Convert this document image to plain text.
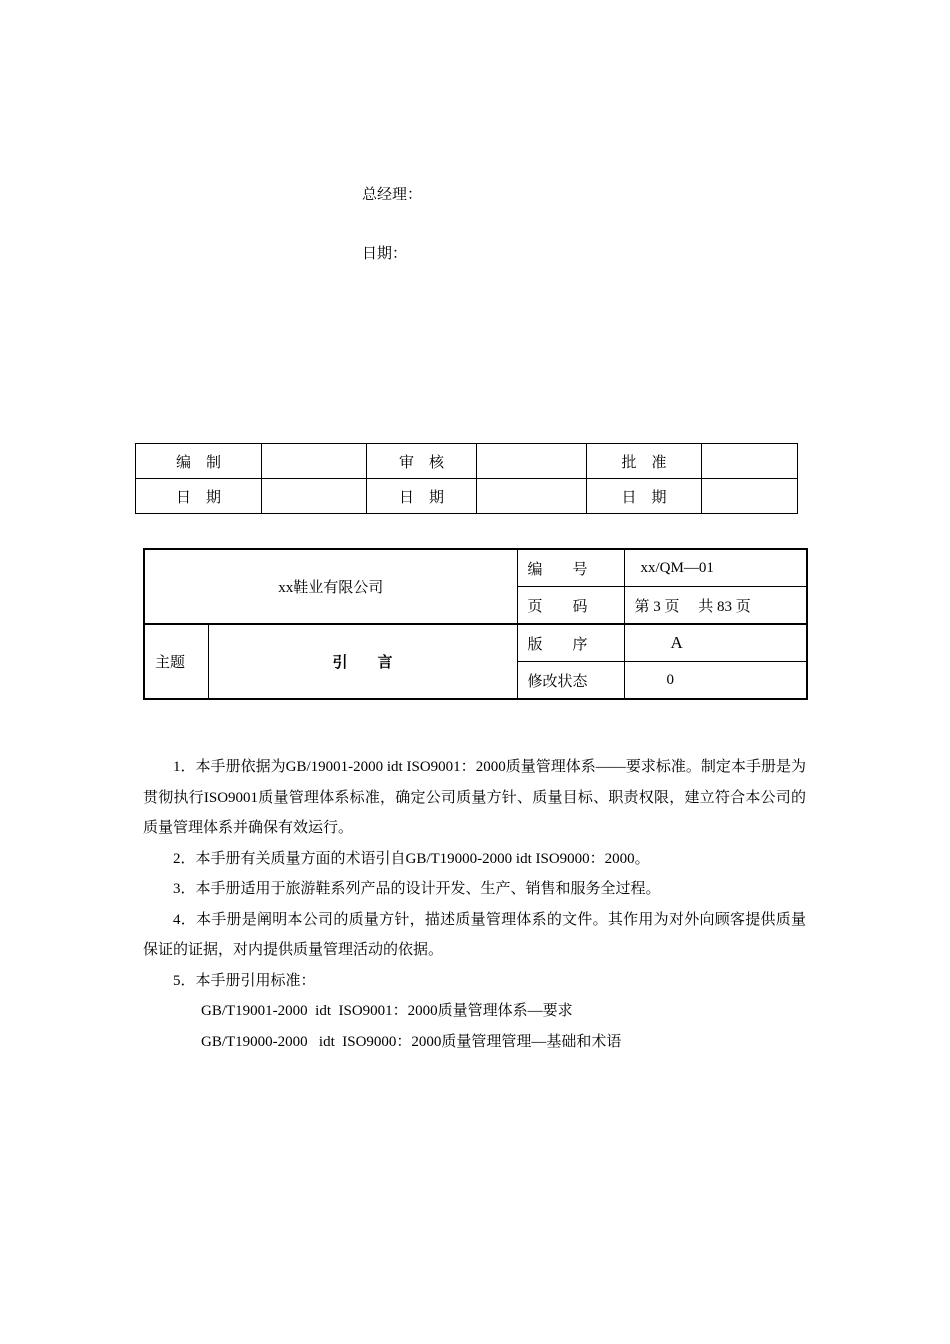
总经理：
日期：
编　制		审　核		批　准	
日　期		日　期		日　期	
xx鞋业有限公司		编　　号	xx/QM—01
		页　　码	第 3 页　 共 83 页
主题	引　　言	版　　序	A
		修改状态	0

1．本手册依据为GB/19001-2000 idt ISO9001：2000质量管理体系——要求标准。制定本手册是为贯彻执行ISO9001质量管理体系标准，确定公司质量方针、质量目标、职责权限，建立符合本公司的质量管理体系并确保有效运行。

2．本手册有关质量方面的术语引自GB/T19000-2000 idt ISO9000：2000。

3．本手册适用于旅游鞋系列产品的设计开发、生产、销售和服务全过程。

4．本手册是阐明本公司的质量方针，描述质量管理体系的文件。其作用为对外向顾客提供质量保证的证据，对内提供质量管理活动的依据。

5．本手册引用标准：

GB/T19001-2000  idt  ISO9001：2000质量管理体系—要求

GB/T19000-2000   idt  ISO9000：2000质量管理管理—基础和术语
